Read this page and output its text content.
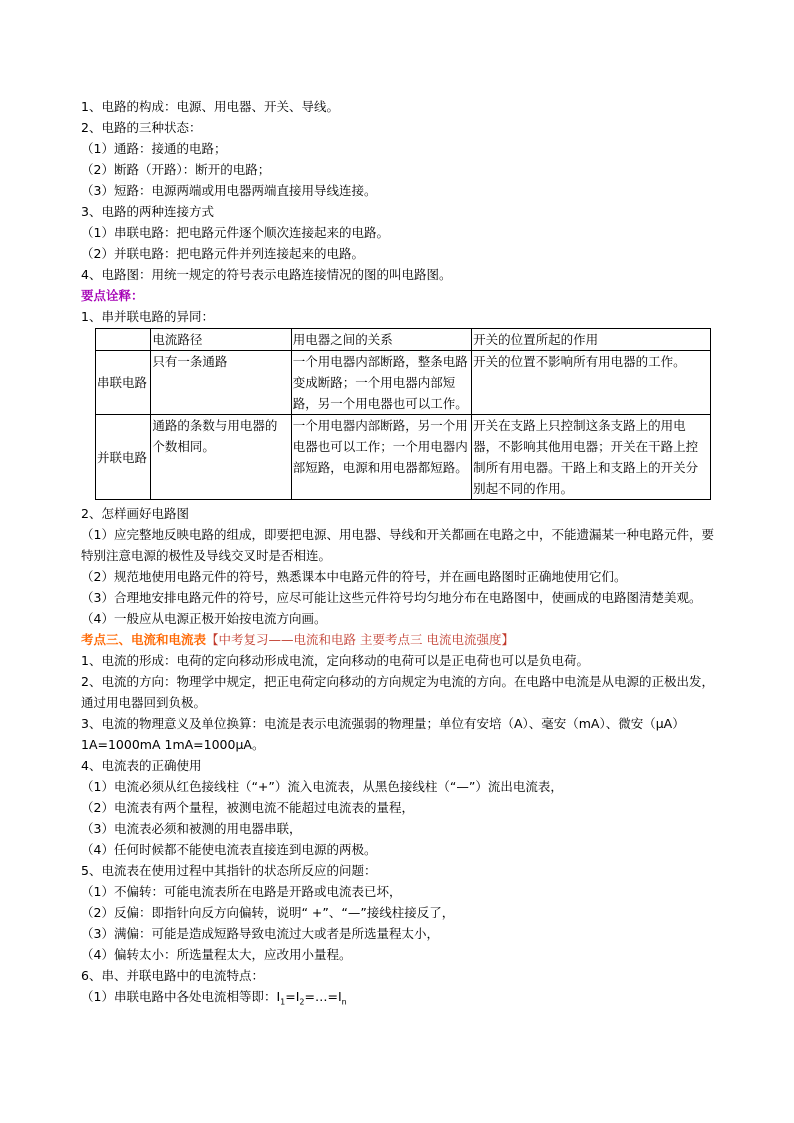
1、电路的构成：电源、用电器、开关、导线。
2、电路的三种状态：
（1）通路：接通的电路；
（2）断路（开路）：断开的电路；
（3）短路：电源两端或用电器两端直接用导线连接。
3、电路的两种连接方式
（1）串联电路：把电路元件逐个顺次连接起来的电路。
（2）并联电路：把电路元件并列连接起来的电路。
4、电路图：用统一规定的符号表示电路连接情况的图的叫电路图。
要点诠释：
1、串并联电路的异同：
	电流路径	用电器之间的关系	开关的位置所起的作用
串联电路	只有一条通路	一个用电器内部断路，整条电路变成断路；一个用电器内部短路，另一个用电器也可以工作。	开关的位置不影响所有用电器的工作。
并联电路	通路的条数与用电器的个数相同。	一个用电器内部断路，另一个用电器也可以工作；一个用电器内部短路，电源和用电器都短路。	开关在支路上只控制这条支路上的用电器，不影响其他用电器；开关在干路上控制所有用电器。干路上和支路上的开关分别起不同的作用。
2、怎样画好电路图
（1）应完整地反映电路的组成，即要把电源、用电器、导线和开关都画在电路之中，不能遗漏某一种电路元件，要特别注意电源的极性及导线交叉时是否相连。
（2）规范地使用电路元件的符号，熟悉课本中电路元件的符号，并在画电路图时正确地使用它们。
（3）合理地安排电路元件的符号，应尽可能让这些元件符号均匀地分布在电路图中，使画成的电路图清楚美观。
（4）一般应从电源正极开始按电流方向画。
考点三、电流和电流表【中考复习——电流和电路 主要考点三 电流电流强度】
1、电流的形成：电荷的定向移动形成电流，定向移动的电荷可以是正电荷也可以是负电荷。
2、电流的方向：物理学中规定，把正电荷定向移动的方向规定为电流的方向。在电路中电流是从电源的正极出发，通过用电器回到负极。
3、电流的物理意义及单位换算：电流是表示电流强弱的物理量；单位有安培（A）、毫安（mA）、微安（μA） 1A=1000mA 1mA=1000μA。
4、电流表的正确使用
（1）电流必须从红色接线柱（“+”）流入电流表，从黑色接线柱（“—”）流出电流表，
（2）电流表有两个量程，被测电流不能超过电流表的量程，
（3）电流表必须和被测的用电器串联，
（4）任何时候都不能使电流表直接连到电源的两极。
5、电流表在使用过程中其指针的状态所反应的问题：
（1）不偏转：可能电流表所在电路是开路或电流表已坏，
（2）反偏：即指针向反方向偏转，说明“ +”、“—”接线柱接反了，
（3）满偏：可能是造成短路导致电流过大或者是所选量程太小，
（4）偏转太小：所选量程太大，应改用小量程。
6、串、并联电路中的电流特点：
（1）串联电路中各处电流相等即：$I_1=I_2=\dots=I_n$
